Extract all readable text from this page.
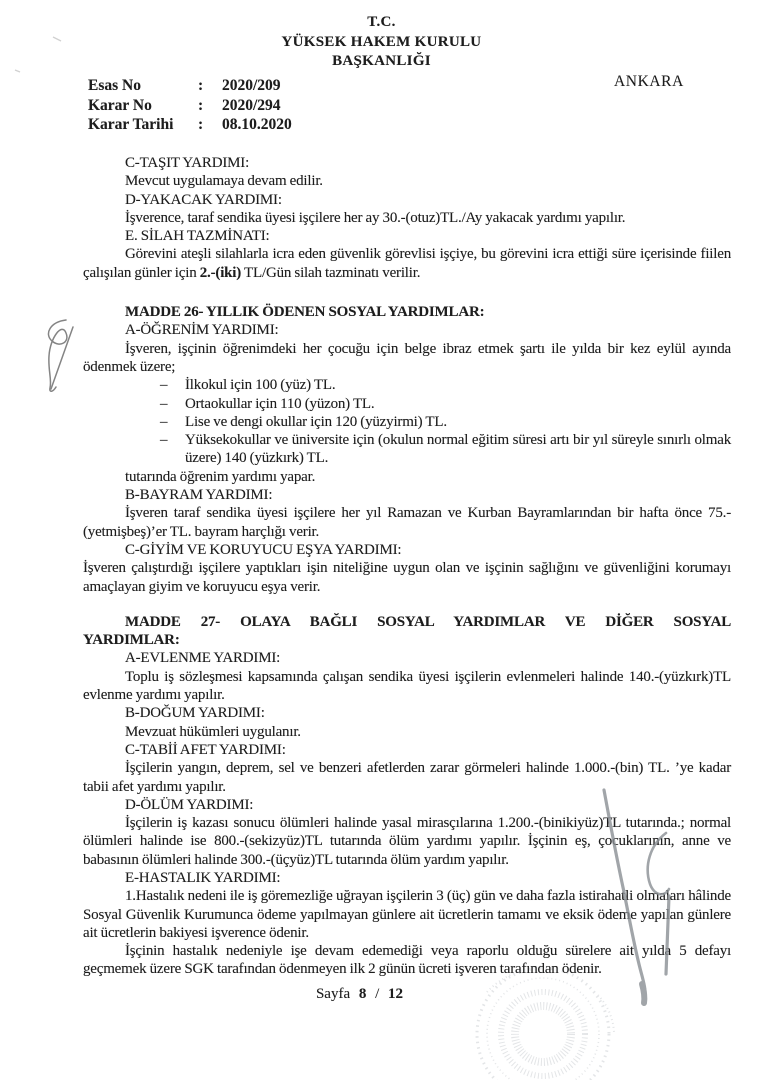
T.C.
YÜKSEK HAKEM KURULU
BAŞKANLIĞI
ANKARA
Esas No	:	2020/209
Karar No	:	2020/294
Karar Tarihi	:	08.10.2020
C-TAŞIT YARDIMI:
Mevcut uygulamaya devam edilir.
D-YAKACAK YARDIMI:
İşverence, taraf sendika üyesi işçilere her ay 30.-(otuz)TL./Ay yakacak yardımı yapılır.
E. SİLAH TAZMİNATI:
Görevini ateşli silahlarla icra eden güvenlik görevlisi işçiye, bu görevini icra ettiği süre içerisinde fiilen çalışılan günler için 2.-(iki) TL/Gün silah tazminatı verilir.
MADDE 26- YILLIK ÖDENEN SOSYAL YARDIMLAR:
A-ÖĞRENİM YARDIMI:
İşveren, işçinin öğrenimdeki her çocuğu için belge ibraz etmek şartı ile yılda bir kez eylül ayında ödenmek üzere;
– İlkokul için 100 (yüz) TL.
– Ortaokullar için 110 (yüzon) TL.
– Lise ve dengi okullar için 120 (yüzyirmi) TL.
– Yüksekokullar ve üniversite için (okulun normal eğitim süresi artı bir yıl süreyle sınırlı olmak üzere) 140 (yüzkırk) TL.
tutarında öğrenim yardımı yapar.
B-BAYRAM YARDIMI:
İşveren taraf sendika üyesi işçilere her yıl Ramazan ve Kurban Bayramlarından bir hafta önce 75.-(yetmişbeş)’er TL. bayram harçlığı verir.
C-GİYİM VE KORUYUCU EŞYA YARDIMI:
İşveren çalıştırdığı işçilere yaptıkları işin niteliğine uygun olan ve işçinin sağlığını ve güvenliğini korumayı amaçlayan giyim ve koruyucu eşya verir.
MADDE 27- OLAYA BAĞLI SOSYAL YARDIMLAR VE DİĞER SOSYAL
YARDIMLAR:
A-EVLENME YARDIMI:
Toplu iş sözleşmesi kapsamında çalışan sendika üyesi işçilerin evlenmeleri halinde 140.-(yüzkırk)TL evlenme yardımı yapılır.
B-DOĞUM YARDIMI:
Mevzuat hükümleri uygulanır.
C-TABİİ AFET YARDIMI:
İşçilerin yangın, deprem, sel ve benzeri afetlerden zarar görmeleri halinde 1.000.-(bin) TL. ’ye kadar tabii afet yardımı yapılır.
D-ÖLÜM YARDIMI:
İşçilerin iş kazası sonucu ölümleri halinde yasal mirasçılarına 1.200.-(binikiyüz)TL tutarında.; normal ölümleri halinde ise 800.-(sekizyüz)TL tutarında ölüm yardımı yapılır. İşçinin eş, çocuklarının, anne ve babasının ölümleri halinde 300.-(üçyüz)TL tutarında ölüm yardım yapılır.
E-HASTALIK YARDIMI:
1.Hastalık nedeni ile iş göremezliğe uğrayan işçilerin 3 (üç) gün ve daha fazla istirahatli olmaları hâlinde Sosyal Güvenlik Kurumunca ödeme yapılmayan günlere ait ücretlerin tamamı ve eksik ödeme yapılan günlere ait ücretlerin bakiyesi işverence ödenir.
İşçinin hastalık nedeniyle işe devam edemediği veya raporlu olduğu sürelere ait yılda 5 defayı geçmemek üzere SGK tarafından ödenmeyen ilk 2 günün ücreti işveren tarafından ödenir.
Sayfa 8 / 12
